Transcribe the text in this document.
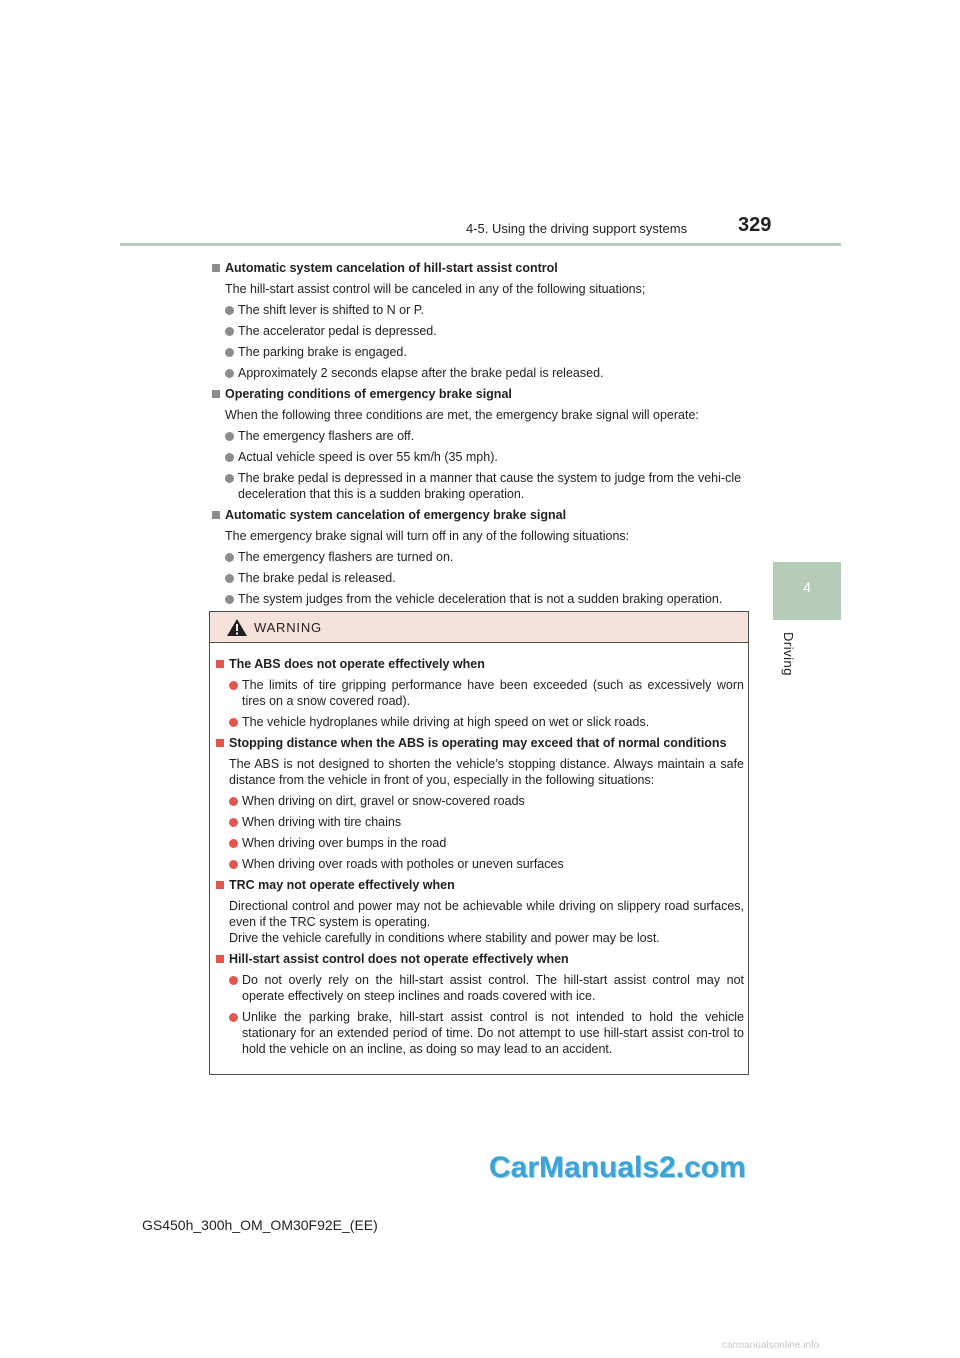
4-5. Using the driving support systems	329
4
Driving
Automatic system cancelation of hill-start assist control
The hill-start assist control will be canceled in any of the following situations;
The shift lever is shifted to N or P.
The accelerator pedal is depressed.
The parking brake is engaged.
Approximately 2 seconds elapse after the brake pedal is released.
Operating conditions of emergency brake signal
When the following three conditions are met, the emergency brake signal will operate:
The emergency flashers are off.
Actual vehicle speed is over 55 km/h (35 mph).
The brake pedal is depressed in a manner that cause the system to judge from the vehi-cle deceleration that this is a sudden braking operation.
Automatic system cancelation of emergency brake signal
The emergency brake signal will turn off in any of the following situations:
The emergency flashers are turned on.
The brake pedal is released.
The system judges from the vehicle deceleration that is not a sudden braking operation.
WARNING
The ABS does not operate effectively when
The limits of tire gripping performance have been exceeded (such as excessively worn tires on a snow covered road).
The vehicle hydroplanes while driving at high speed on wet or slick roads.
Stopping distance when the ABS is operating may exceed that of normal conditions
The ABS is not designed to shorten the vehicle’s stopping distance. Always maintain a safe distance from the vehicle in front of you, especially in the following situations:
When driving on dirt, gravel or snow-covered roads
When driving with tire chains
When driving over bumps in the road
When driving over roads with potholes or uneven surfaces
TRC may not operate effectively when
Directional control and power may not be achievable while driving on slippery road surfaces, even if the TRC system is operating.
Drive the vehicle carefully in conditions where stability and power may be lost.
Hill-start assist control does not operate effectively when
Do not overly rely on the hill-start assist control. The hill-start assist control may not operate effectively on steep inclines and roads covered with ice.
Unlike the parking brake, hill-start assist control is not intended to hold the vehicle stationary for an extended period of time. Do not attempt to use hill-start assist con-trol to hold the vehicle on an incline, as doing so may lead to an accident.
CarManuals2.com
GS450h_300h_OM_OM30F92E_(EE)
carmanualsonline.info
